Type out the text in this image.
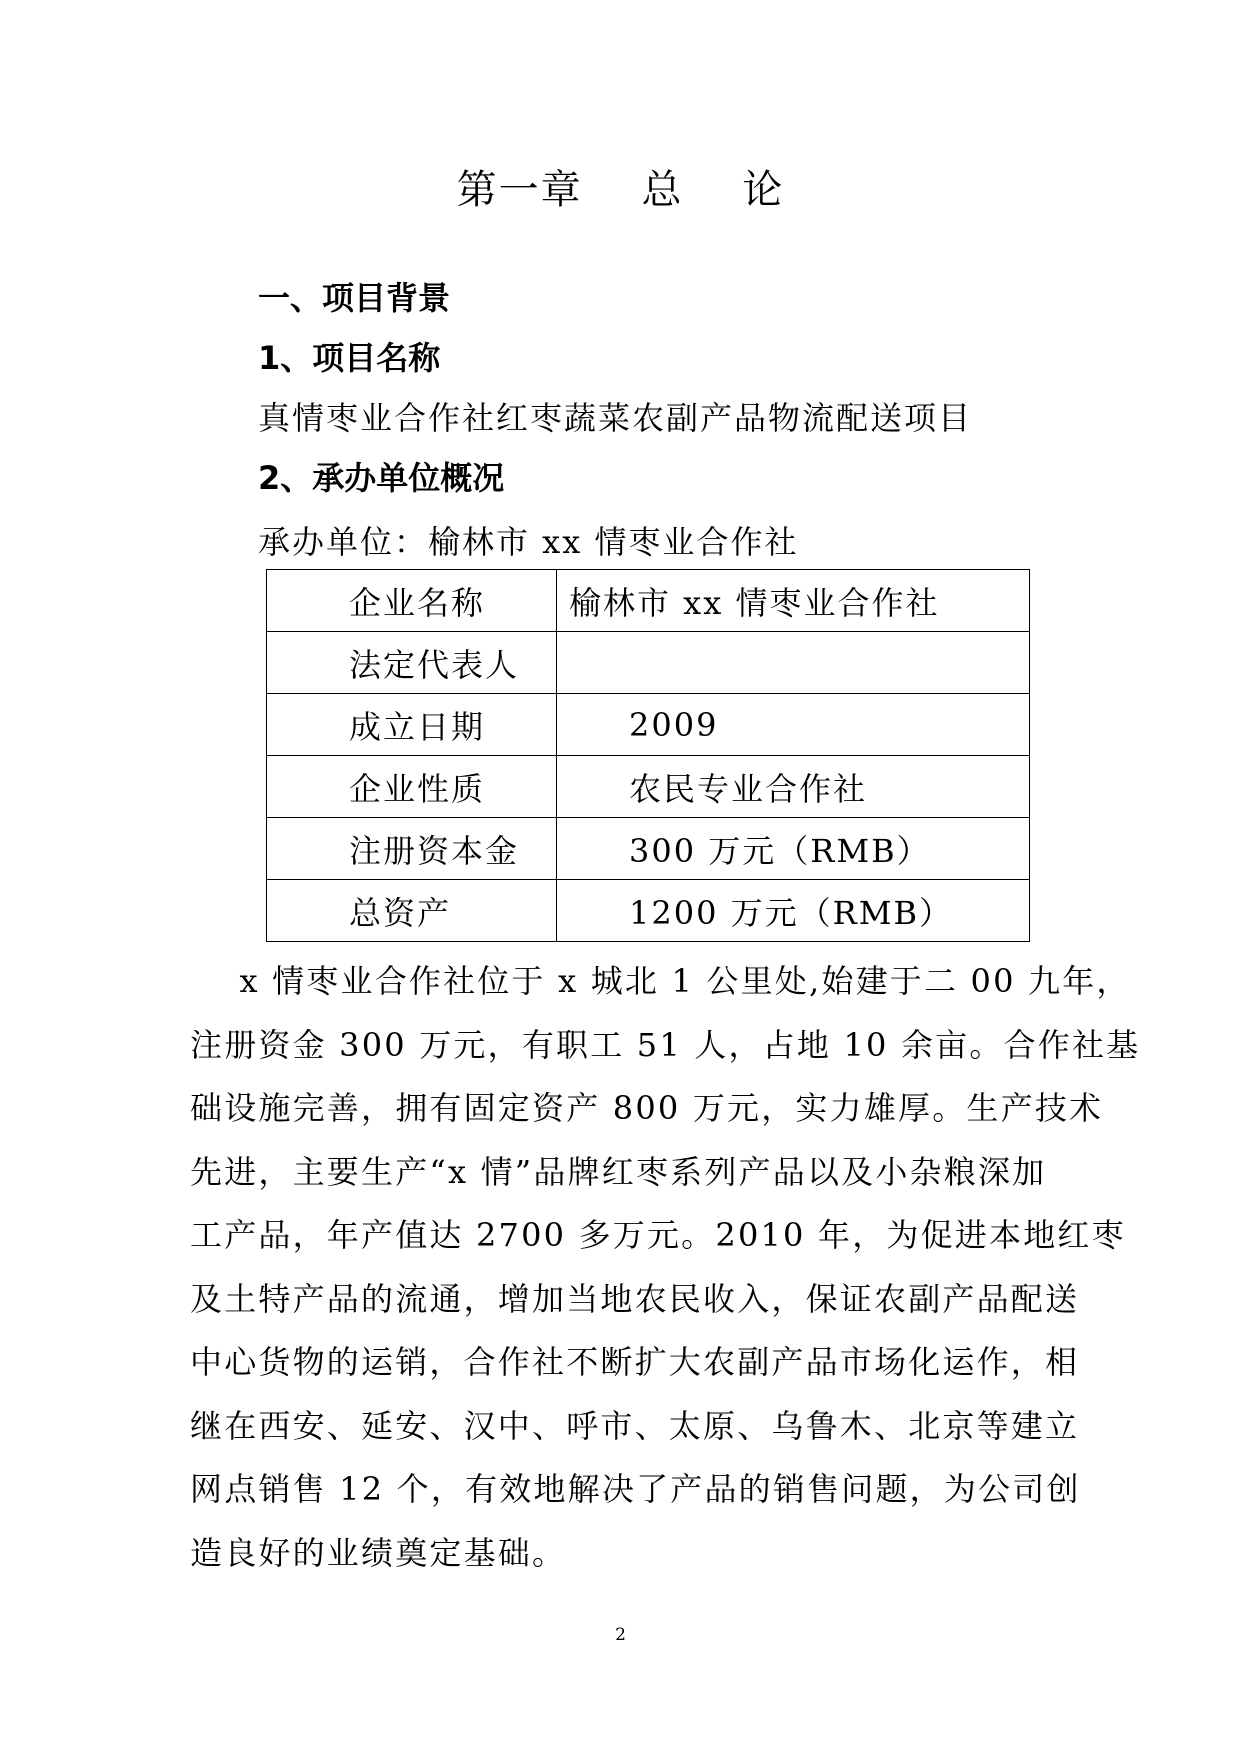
第一章    总    论
一、项目背景
1、项目名称
真情枣业合作社红枣蔬菜农副产品物流配送项目
2、承办单位概况
承办单位：榆林市 xx 情枣业合作社
企业名称	榆林市 xx 情枣业合作社
法定代表人	
成立日期	2009
企业性质	农民专业合作社
注册资本金	300 万元（RMB）
总资产	1200 万元（RMB）
x 情枣业合作社位于 x 城北 1 公里处,始建于二 00 九年，
注册资金 300 万元，有职工 51 人，占地 10 余亩。合作社基
础设施完善，拥有固定资产 800 万元，实力雄厚。生产技术
先进，主要生产“x 情”品牌红枣系列产品以及小杂粮深加
工产品，年产值达 2700 多万元。2010 年，为促进本地红枣
及土特产品的流通，增加当地农民收入，保证农副产品配送
中心货物的运销，合作社不断扩大农副产品市场化运作，相
继在西安、延安、汉中、呼市、太原、乌鲁木、北京等建立
网点销售 12 个，有效地解决了产品的销售问题，为公司创
造良好的业绩奠定基础。
2
